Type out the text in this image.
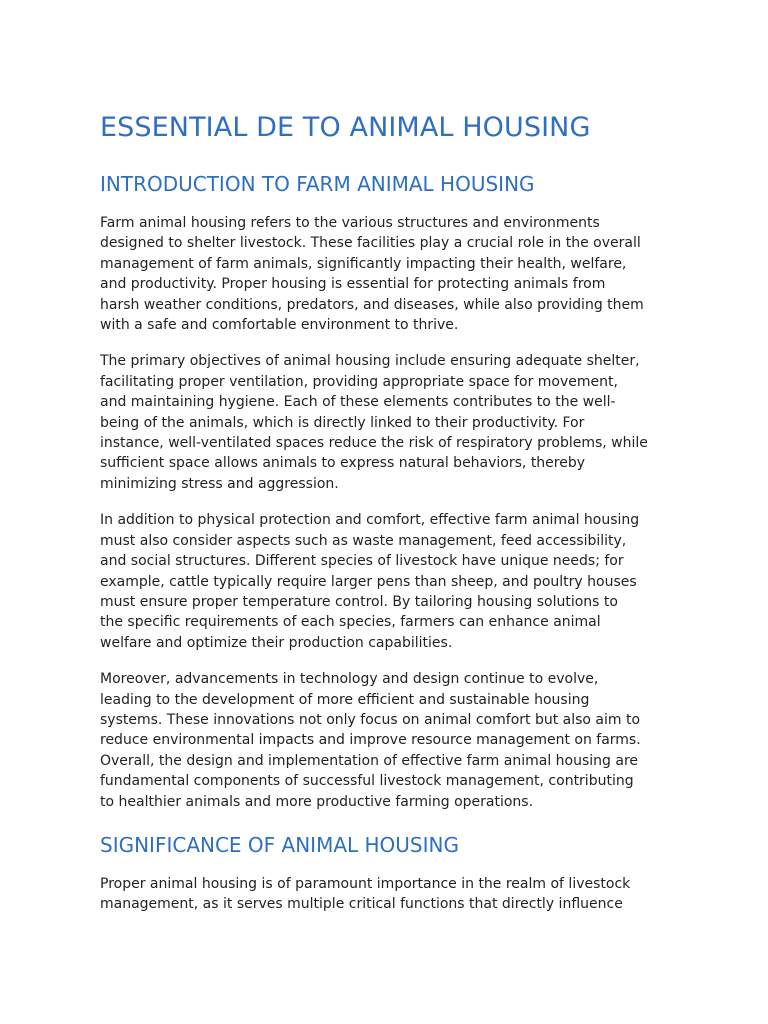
ESSENTIAL DE TO ANIMAL HOUSING
INTRODUCTION TO FARM ANIMAL HOUSING

Farm animal housing refers to the various structures and environments
designed to shelter livestock. These facilities play a crucial role in the overall
management of farm animals, significantly impacting their health, welfare,
and productivity. Proper housing is essential for protecting animals from
harsh weather conditions, predators, and diseases, while also providing them
with a safe and comfortable environment to thrive.

The primary objectives of animal housing include ensuring adequate shelter,
facilitating proper ventilation, providing appropriate space for movement,
and maintaining hygiene. Each of these elements contributes to the well-
being of the animals, which is directly linked to their productivity. For
instance, well-ventilated spaces reduce the risk of respiratory problems, while
sufficient space allows animals to express natural behaviors, thereby
minimizing stress and aggression.

In addition to physical protection and comfort, effective farm animal housing
must also consider aspects such as waste management, feed accessibility,
and social structures. Different species of livestock have unique needs; for
example, cattle typically require larger pens than sheep, and poultry houses
must ensure proper temperature control. By tailoring housing solutions to
the specific requirements of each species, farmers can enhance animal
welfare and optimize their production capabilities.

Moreover, advancements in technology and design continue to evolve,
leading to the development of more efficient and sustainable housing
systems. These innovations not only focus on animal comfort but also aim to
reduce environmental impacts and improve resource management on farms.
Overall, the design and implementation of effective farm animal housing are
fundamental components of successful livestock management, contributing
to healthier animals and more productive farming operations.

SIGNIFICANCE OF ANIMAL HOUSING

Proper animal housing is of paramount importance in the realm of livestock
management, as it serves multiple critical functions that directly influence
